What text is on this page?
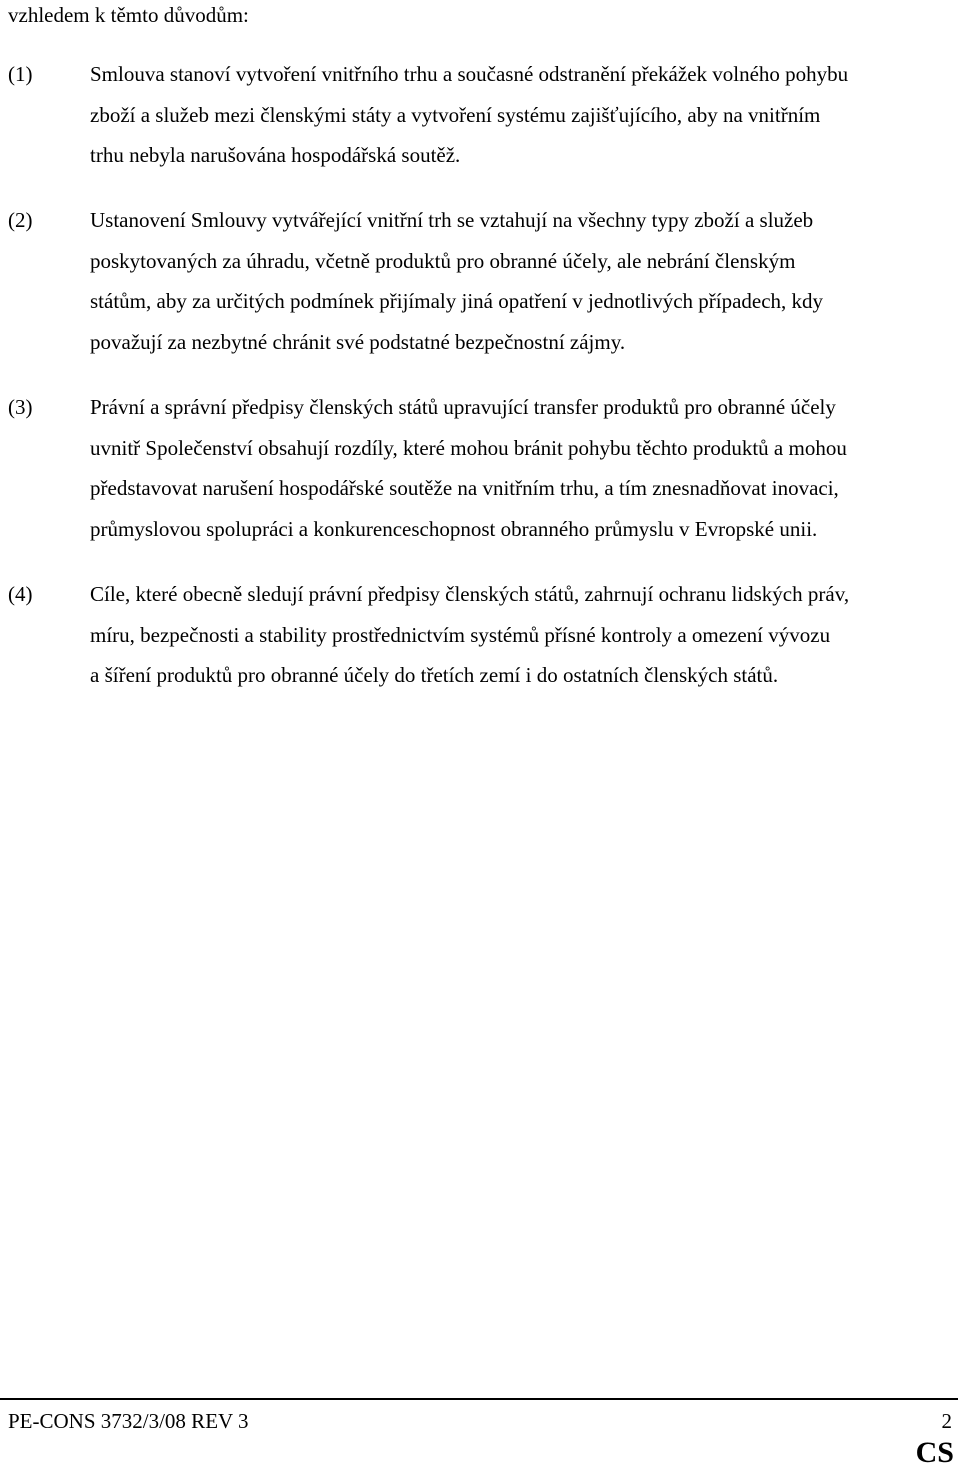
vzhledem k těmto důvodům:

(1)	Smlouva stanoví vytvoření vnitřního trhu a současné odstranění překážek volného pohybu
zboží a služeb mezi členskými státy a vytvoření systému zajišťujícího, aby na vnitřním
trhu nebyla narušována hospodářská soutěž.

(2)	Ustanovení Smlouvy vytvářející vnitřní trh se vztahují na všechny typy zboží a služeb
poskytovaných za úhradu, včetně produktů pro obranné účely, ale nebrání členským
státům, aby za určitých podmínek přijímaly jiná opatření v jednotlivých případech, kdy
považují za nezbytné chránit své podstatné bezpečnostní zájmy.

(3)	Právní a správní předpisy členských států upravující transfer produktů pro obranné účely
uvnitř Společenství obsahují rozdíly, které mohou bránit pohybu těchto produktů a mohou
představovat narušení hospodářské soutěže na vnitřním trhu, a tím znesnadňovat inovaci,
průmyslovou spolupráci a konkurenceschopnost obranného průmyslu v Evropské unii.

(4)	Cíle, které obecně sledují právní předpisy členských států, zahrnují ochranu lidských práv,
míru, bezpečnosti a stability prostřednictvím systémů přísné kontroly a omezení vývozu
a šíření produktů pro obranné účely do třetích zemí i do ostatních členských států.

PE-CONS 3732/3/08 REV 3	2
CS
